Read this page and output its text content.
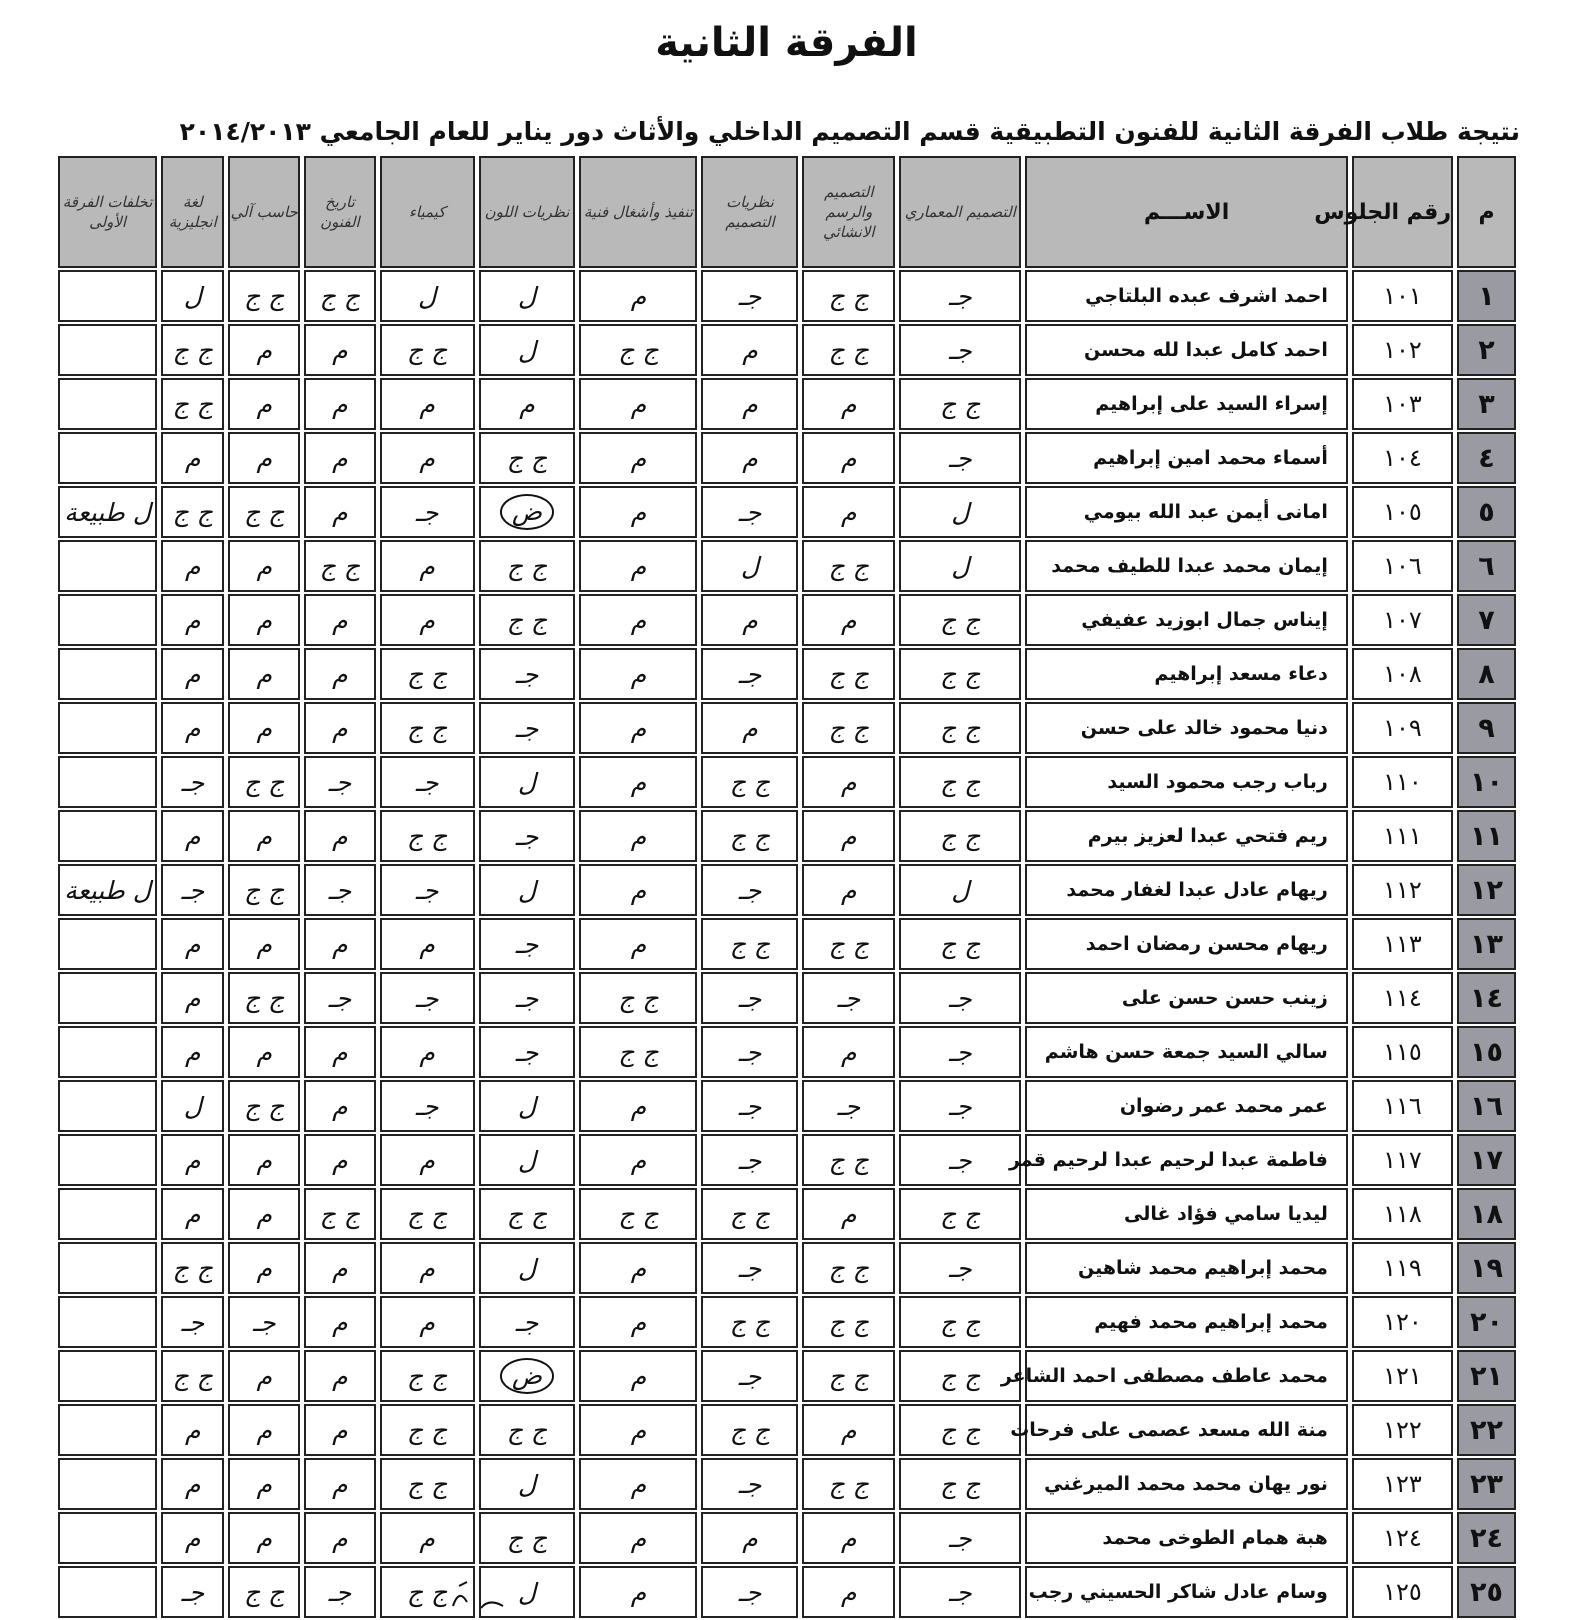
الفرقة الثانية
نتيجة طلاب الفرقة الثانية للفنون التطبيقية قسم التصميم الداخلي والأثاث دور يناير للعام الجامعي ٢٠١٤/٢٠١٣
م	رقم الجلوس	الاســـم	التصميم المعماري	التصميم والرسم الانشائي	نظريات التصميم	تنفيذ وأشغال فنية	نظريات اللون	كيمياء	تاريخ الفنون	حاسب آلي	لغة انجليزية	تخلفات الفرقة الأولى
١	١٠١	احمد اشرف عبده البلتاجي	جـ	ج ج	جـ	م	ل	ل	ج ج	ج ج	ل	
٢	١٠٢	احمد كامل عبدا لله محسن	جـ	ج ج	م	ج ج	ل	ج ج	م	م	ج ج	
٣	١٠٣	إسراء السيد على إبراهيم	ج ج	م	م	م	م	م	م	م	ج ج	
٤	١٠٤	أسماء محمد امين إبراهيم	جـ	م	م	م	ج ج	م	م	م	م	
٥	١٠٥	امانى أيمن عبد الله بيومي	ل	م	جـ	م	ض	جـ	م	ج ج	ج ج	ل طبيعة
٦	١٠٦	إيمان محمد عبدا للطيف محمد	ل	ج ج	ل	م	ج ج	م	ج ج	م	م	
٧	١٠٧	إيناس جمال ابوزيد عفيفي	ج ج	م	م	م	ج ج	م	م	م	م	
٨	١٠٨	دعاء مسعد إبراهيم	ج ج	ج ج	جـ	م	جـ	ج ج	م	م	م	
٩	١٠٩	دنيا محمود خالد على حسن	ج ج	ج ج	م	م	جـ	ج ج	م	م	م	
١٠	١١٠	رباب رجب محمود السيد	ج ج	م	ج ج	م	ل	جـ	جـ	ج ج	جـ	
١١	١١١	ريم فتحي عبدا لعزيز بيرم	ج ج	م	ج ج	م	جـ	ج ج	م	م	م	
١٢	١١٢	ريهام عادل عبدا لغفار محمد	ل	م	جـ	م	ل	جـ	جـ	ج ج	جـ	ل طبيعة
١٣	١١٣	ريهام محسن رمضان احمد	ج ج	ج ج	ج ج	م	جـ	م	م	م	م	
١٤	١١٤	زينب حسن حسن على	جـ	جـ	جـ	ج ج	جـ	جـ	جـ	ج ج	م	
١٥	١١٥	سالي السيد جمعة حسن هاشم	جـ	م	جـ	ج ج	جـ	م	م	م	م	
١٦	١١٦	عمر محمد عمر رضوان	جـ	جـ	جـ	م	ل	جـ	م	ج ج	ل	
١٧	١١٧	فاطمة عبدا لرحيم عبدا لرحيم قمر	جـ	ج ج	جـ	م	ل	م	م	م	م	
١٨	١١٨	ليديا سامي فؤاد غالى	ج ج	م	ج ج	ج ج	ج ج	ج ج	ج ج	م	م	
١٩	١١٩	محمد إبراهيم محمد شاهين	جـ	ج ج	جـ	م	ل	م	م	م	ج ج	
٢٠	١٢٠	محمد إبراهيم محمد فهيم	ج ج	ج ج	ج ج	م	جـ	م	م	جـ	جـ	
٢١	١٢١	محمد عاطف مصطفى احمد الشاعر	ج ج	ج ج	جـ	م	ض	ج ج	م	م	ج ج	
٢٢	١٢٢	منة الله مسعد عصمى على فرحات	ج ج	م	ج ج	م	ج ج	ج ج	م	م	م	
٢٣	١٢٣	نور يهان محمد محمد الميرغني	ج ج	ج ج	جـ	م	ل	ج ج	م	م	م	
٢٤	١٢٤	هبة همام الطوخى محمد	جـ	م	م	م	ج ج	م	م	م	م	
٢٥	١٢٥	وسام عادل شاكر الحسيني رجب	جـ	م	جـ	م	ل	ج ج	جـ	ج ج	جـ	
